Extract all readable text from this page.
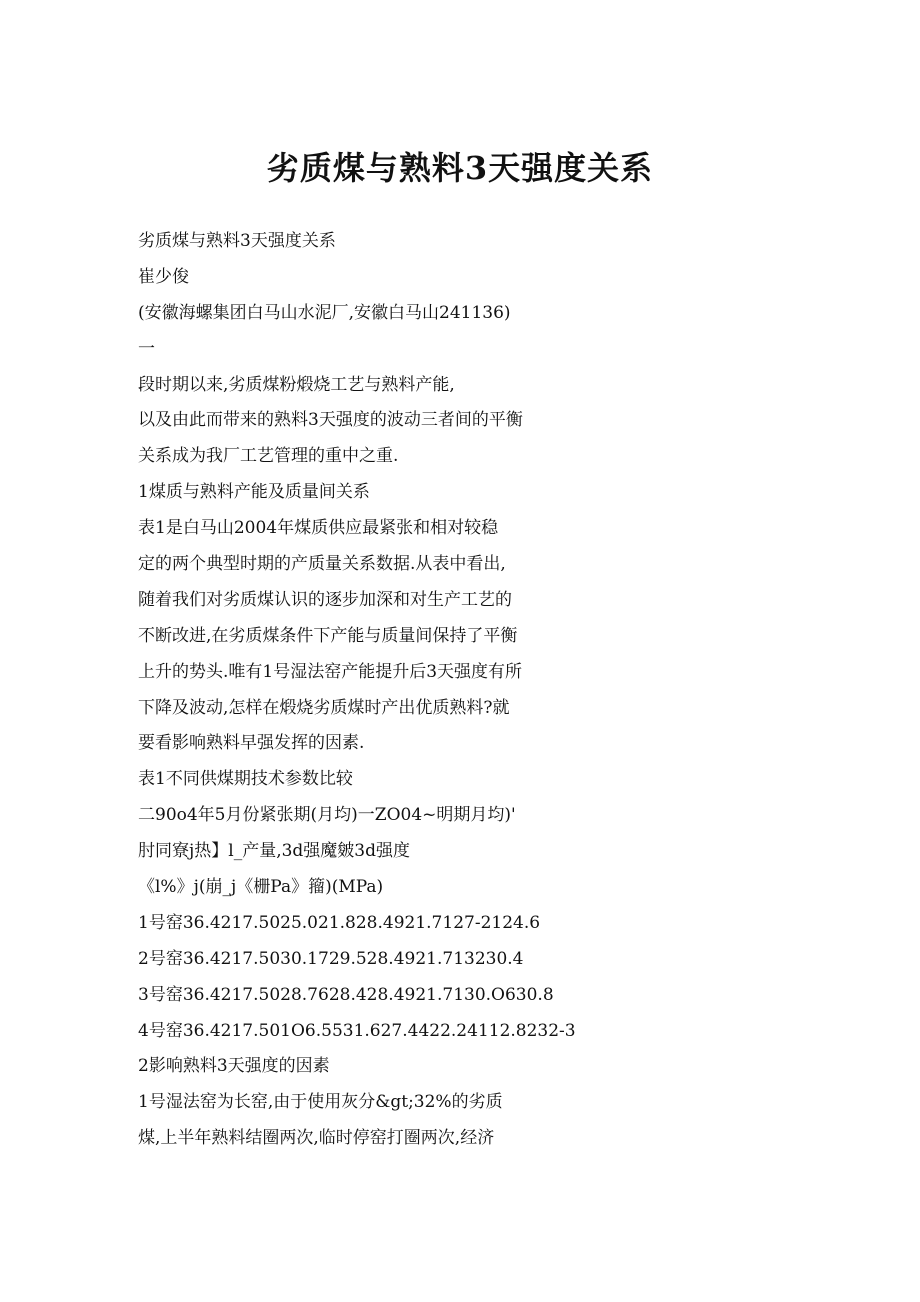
劣质煤与熟料3天强度关系
劣质煤与熟料3天强度关系
崔少俊
(安徽海螺集团白马山水泥厂,安徽白马山241136)
一
段时期以来,劣质煤粉煅烧工艺与熟料产能,
以及由此而带来的熟料3天强度的波动三者间的平衡
关系成为我厂工艺管理的重中之重.
1煤质与熟料产能及质量间关系
表1是白马山2004年煤质供应最紧张和相对较稳
定的两个典型时期的产质量关系数据.从表中看出,
随着我们对劣质煤认识的逐步加深和对生产工艺的
不断改进,在劣质煤条件下产能与质量间保持了平衡
上升的势头.唯有1号湿法窑产能提升后3天强度有所
下降及波动,怎样在煅烧劣质煤时产出优质熟料?就
要看影响熟料早强发挥的因素.
表1不同供煤期技术参数比较
二90o4年5月份紧张期(月均)一ZO04~明期月均)'
肘同寮j热】l_产量,3d强魔皴3d强度
《l%》j(崩_j《栅Pa》籀)(MPa)
1号窑36.4217.5025.021.828.4921.7127-2124.6
2号窑36.4217.5030.1729.528.4921.713230.4
3号窑36.4217.5028.7628.428.4921.7130.O630.8
4号窑36.4217.501O6.5531.627.4422.24112.8232-3
2影响熟料3天强度的因素
1号湿法窑为长窑,由于使用灰分&gt;32%的劣质
煤,上半年熟料结圈两次,临时停窑打圈两次,经济
